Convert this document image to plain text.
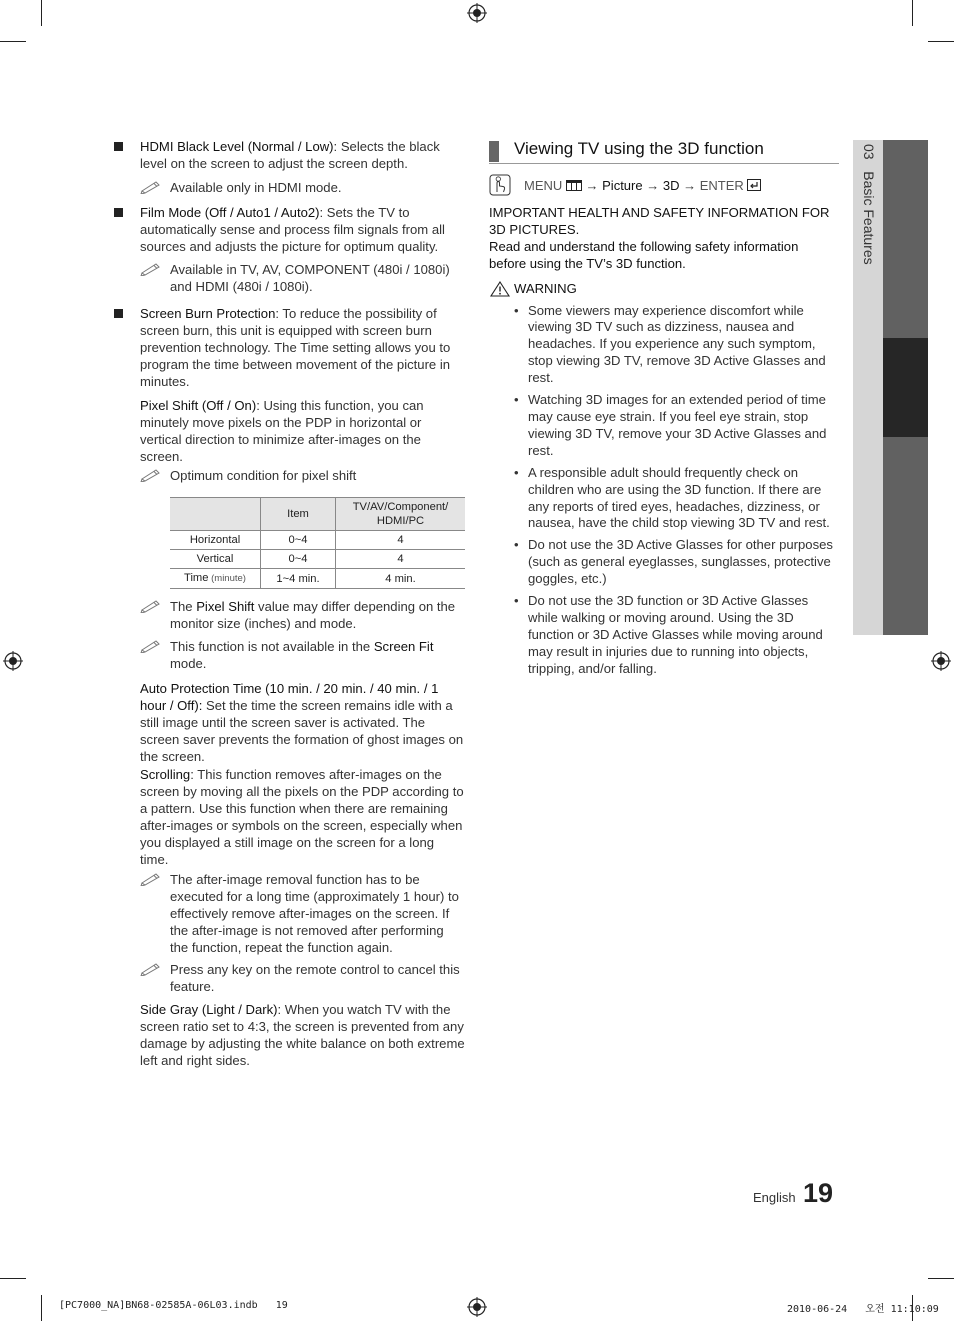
HDMI Black Level (Normal / Low): Selects the black level on the screen to adjust the screen depth.
Available only in HDMI mode.
Film Mode (Off / Auto1 / Auto2): Sets the TV to automatically sense and process film signals from all sources and adjusts the picture for optimum quality.
Available in TV, AV, COMPONENT (480i / 1080i) and HDMI (480i / 1080i).
Screen Burn Protection: To reduce the possibility of screen burn, this unit is equipped with screen burn prevention technology. The Time setting allows you to program the time between movement of the picture in minutes.
Pixel Shift (Off / On): Using this function, you can minutely move pixels on the PDP in horizontal or vertical direction to minimize after-images on the screen.
Optimum condition for pixel shift
	Item	TV/AV/Component/ HDMI/PC
Horizontal	0~4	4
Vertical	0~4	4
Time (minute)	1~4 min.	4 min.
The Pixel Shift value may differ depending on the monitor size (inches) and mode.
This function is not available in the Screen Fit mode.
Auto Protection Time (10 min. / 20 min. / 40 min. / 1 hour / Off): Set the time the screen remains idle with a still image until the screen saver is activated. The screen saver prevents the formation of ghost images on the screen.
Scrolling: This function removes after-images on the screen by moving all the pixels on the PDP according to a pattern. Use this function when there are remaining after-images or symbols on the screen, especially when you displayed a still image on the screen for a long time.
The after-image removal function has to be executed for a long time (approximately 1 hour) to effectively remove after-images on the screen. If the after-image is not removed after performing the function, repeat the function again.
Press any key on the remote control to cancel this feature.
Side Gray (Light / Dark): When you watch TV with the screen ratio set to 4:3, the screen is prevented from any damage by adjusting the white balance on both extreme left and right sides.
Viewing TV using the 3D function
MENU  → Picture → 3D → ENTER
IMPORTANT HEALTH AND SAFETY INFORMATION FOR 3D PICTURES.
Read and understand the following safety information before using the TV’s 3D function.
WARNING
• Some viewers may experience discomfort while viewing 3D TV such as dizziness, nausea and headaches. If you experience any such symptom, stop viewing 3D TV, remove 3D Active Glasses and rest.
• Watching 3D images for an extended period of time may cause eye strain. If you feel eye strain, stop viewing 3D TV, remove your 3D Active Glasses and rest.
• A responsible adult should frequently check on children who are using the 3D function. If there are any reports of tired eyes, headaches, dizziness, or nausea, have the child stop viewing 3D TV and rest.
• Do not use the 3D Active Glasses for other purposes (such as general eyeglasses, sunglasses, protective goggles, etc.)
• Do not use the 3D function or 3D Active Glasses while walking or moving around. Using the 3D function or 3D Active Glasses while moving around may result in injuries due to running into objects, tripping, and/or falling.
03   Basic Features
English 19
[PC7000_NA]BN68-02585A-06L03.indb   19	2010-06-24   오전 11:10:09
